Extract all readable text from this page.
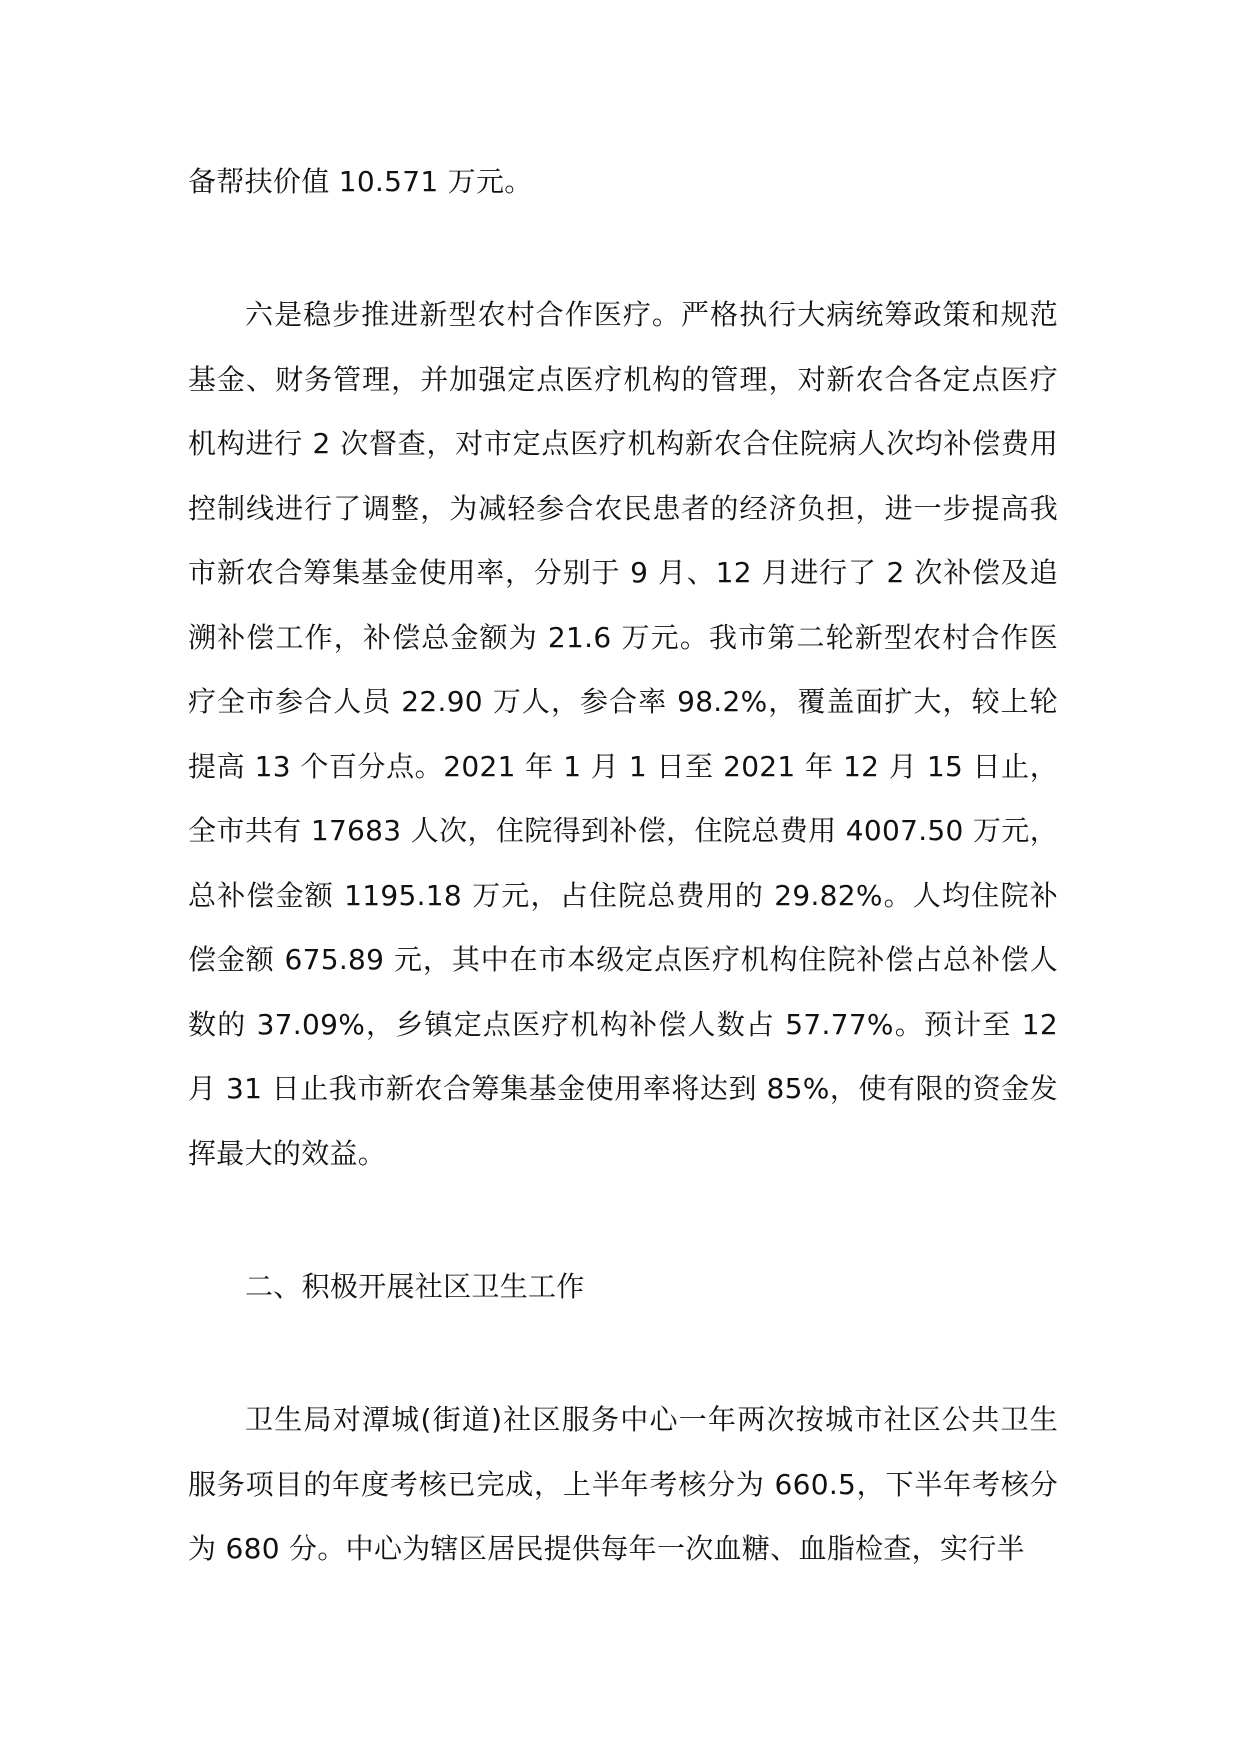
备帮扶价值 10.571 万元。

六是稳步推进新型农村合作医疗。严格执行大病统筹政策和规范基金、财务管理，并加强定点医疗机构的管理，对新农合各定点医疗机构进行 2 次督查，对市定点医疗机构新农合住院病人次均补偿费用控制线进行了调整，为减轻参合农民患者的经济负担，进一步提高我市新农合筹集基金使用率，分别于 9 月、12 月进行了 2 次补偿及追溯补偿工作，补偿总金额为 21.6 万元。我市第二轮新型农村合作医疗全市参合人员 22.90 万人，参合率 98.2%，覆盖面扩大，较上轮提高 13 个百分点。2021 年 1 月 1 日至 2021 年 12 月 15 日止，全市共有 17683 人次，住院得到补偿，住院总费用 4007.50 万元，总补偿金额 1195.18 万元，占住院总费用的 29.82%。人均住院补偿金额 675.89 元，其中在市本级定点医疗机构住院补偿占总补偿人数的 37.09%，乡镇定点医疗机构补偿人数占 57.77%。预计至 12 月 31 日止我市新农合筹集基金使用率将达到 85%，使有限的资金发挥最大的效益。

二、积极开展社区卫生工作

卫生局对潭城(街道)社区服务中心一年两次按城市社区公共卫生服务项目的年度考核已完成，上半年考核分为 660.5，下半年考核分为 680 分。中心为辖区居民提供每年一次血糖、血脂检查，实行半
